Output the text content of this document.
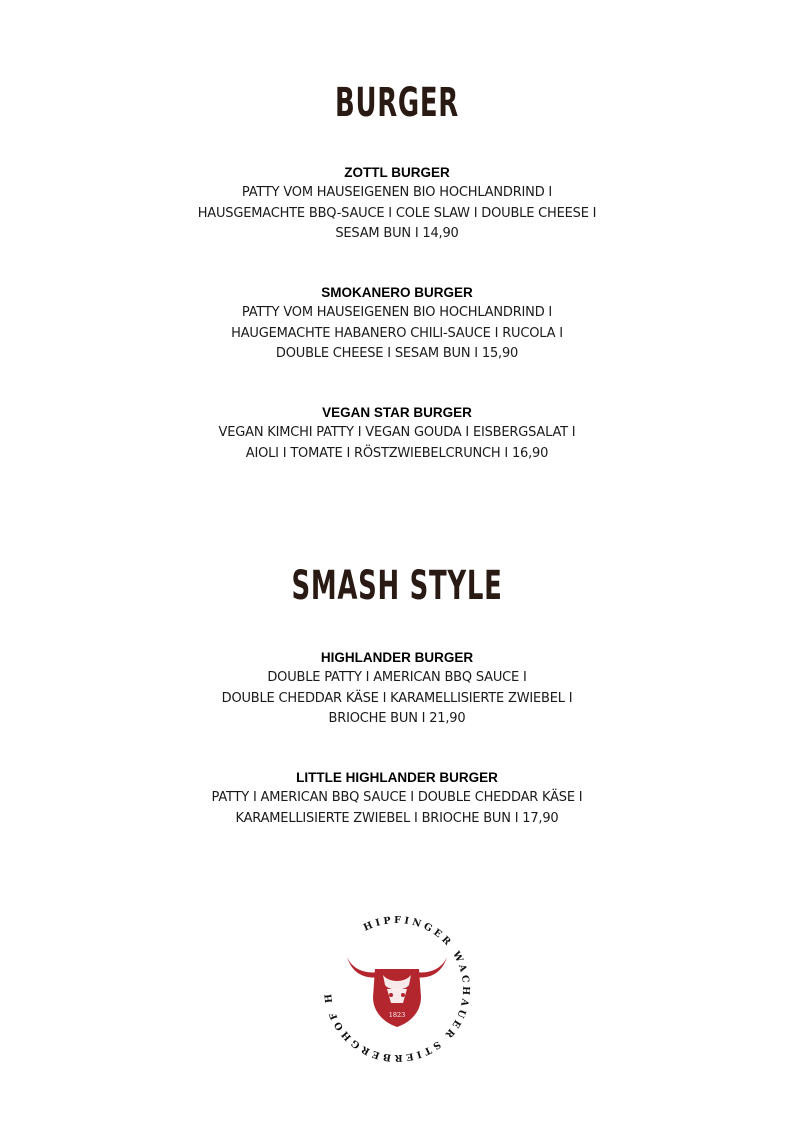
BURGER
ZOTTL BURGER
PATTY VOM HAUSEIGENEN BIO HOCHLANDRIND I
HAUSGEMACHTE BBQ-SAUCE I COLE SLAW I DOUBLE CHEESE I
SESAM BUN I 14,90
SMOKANERO BURGER
PATTY VOM HAUSEIGENEN BIO HOCHLANDRIND I
HAUGEMACHTE HABANERO CHILI-SAUCE I RUCOLA I
DOUBLE CHEESE I SESAM BUN I 15,90
VEGAN STAR BURGER
VEGAN KIMCHI PATTY I VEGAN GOUDA I EISBERGSALAT I
AIOLI I TOMATE I RÖSTZWIEBELCRUNCH I 16,90
SMASH STYLE
HIGHLANDER BURGER
DOUBLE PATTY I AMERICAN BBQ SAUCE I
DOUBLE CHEDDAR KÄSE I KARAMELLISIERTE ZWIEBEL I
BRIOCHE BUN I 21,90
LITTLE HIGHLANDER BURGER
PATTY I AMERICAN BBQ SAUCE I DOUBLE CHEDDAR KÄSE I
KARAMELLISIERTE ZWIEBEL I BRIOCHE BUN I 17,90
HIPFINGER WACHAUER STIERBERGHOF H
1823
